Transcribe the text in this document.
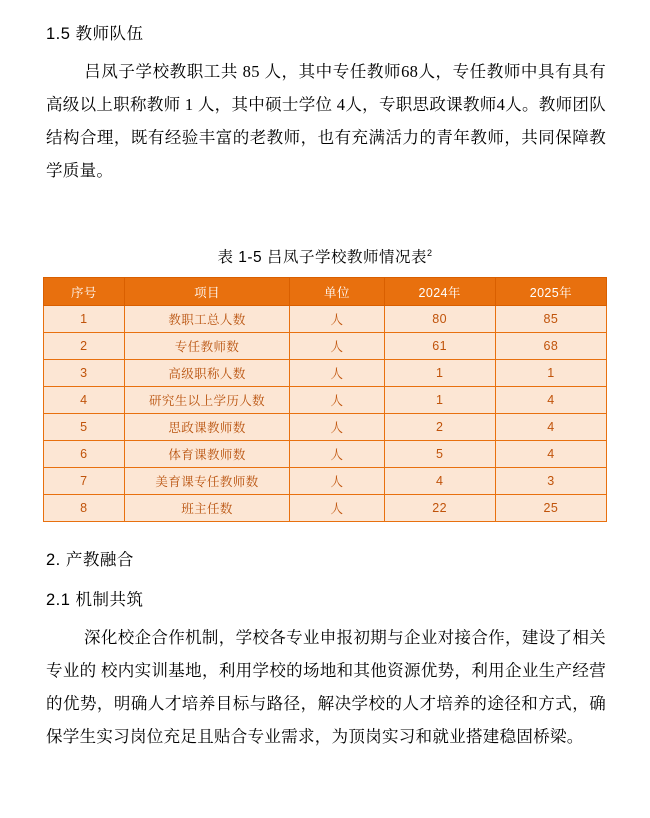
1.5 教师队伍
吕凤子学校教职工共 85 人，其中专任教师68人，专任教师中具有具有高级以上职称教师 1 人，其中硕士学位 4人，专职思政课教师4人。教师团队结构合理，既有经验丰富的老教师，也有充满活力的青年教师，共同保障教学质量。
表 1-5 吕凤子学校教师情况表$^2$
序号	项目	单位	2024年	2025年
1	教职工总人数	人	80	85
2	专任教师数	人	61	68
3	高级职称人数	人	1	1
4	研究生以上学历人数	人	1	4
5	思政课教师数	人	2	4
6	体育课教师数	人	5	4
7	美育课专任教师数	人	4	3
8	班主任数	人	22	25
2. 产教融合
2.1 机制共筑
深化校企合作机制，学校各专业申报初期与企业对接合作，建设了相关专业的 校内实训基地，利用学校的场地和其他资源优势，利用企业生产经营的优势，明确人才培养目标与路径，解决学校的人才培养的途径和方式，确保学生实习岗位充足且贴合专业需求，为顶岗实习和就业搭建稳固桥梁。
